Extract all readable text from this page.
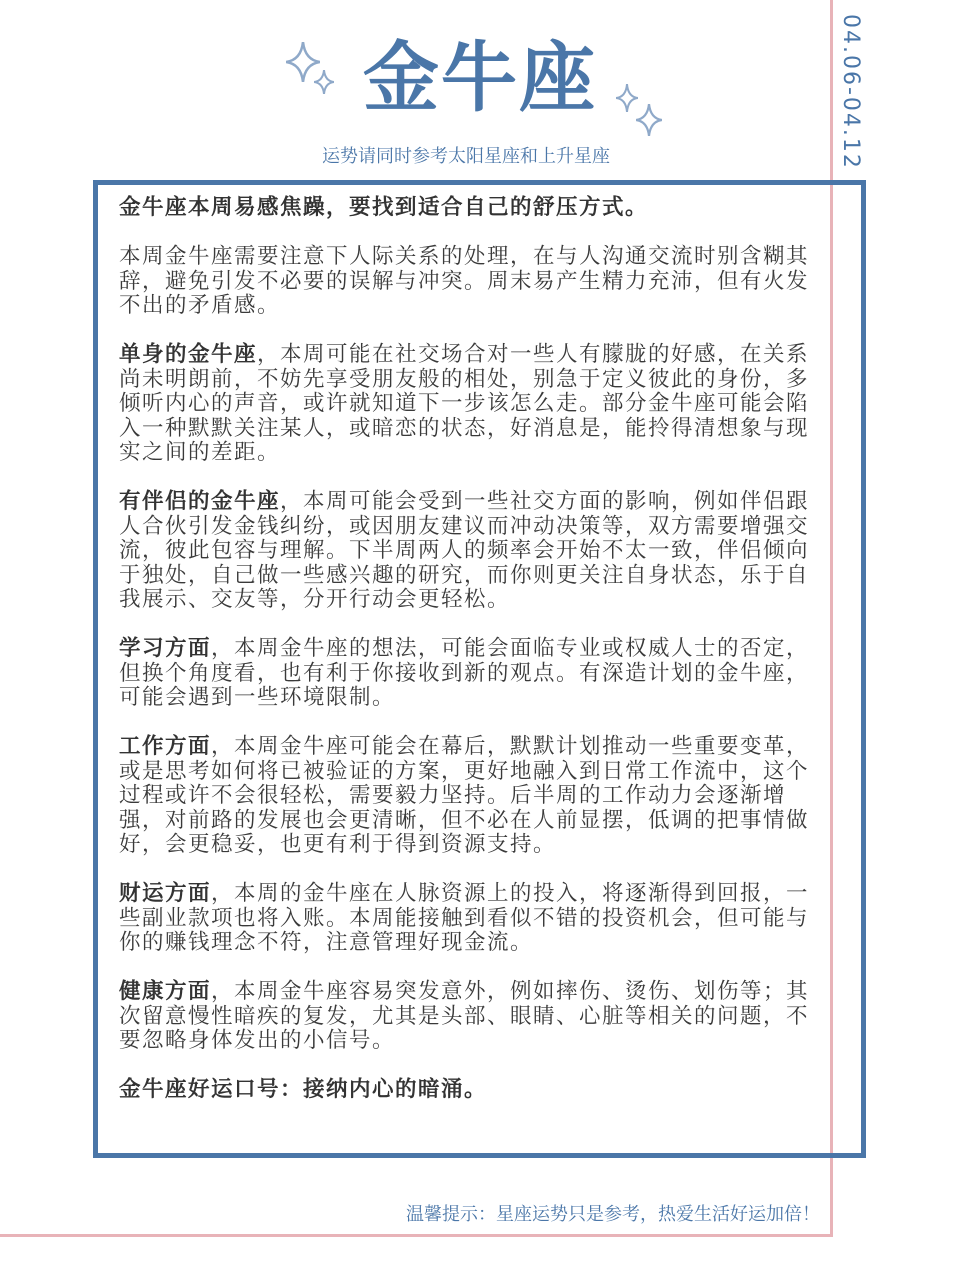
金牛座
运势请同时参考太阳星座和上升星座	04.06-04.12

金牛座本周易感焦躁，要找到适合自己的舒压方式。

本周金牛座需要注意下人际关系的处理，在与人沟通交流时别含糊其辞，避免引发不必要的误解与冲突。周末易产生精力充沛，但有火发不出的矛盾感。

单身的金牛座，本周可能在社交场合对一些人有朦胧的好感，在关系尚未明朗前，不妨先享受朋友般的相处，别急于定义彼此的身份，多倾听内心的声音，或许就知道下一步该怎么走。部分金牛座可能会陷入一种默默关注某人，或暗恋的状态，好消息是，能拎得清想象与现实之间的差距。

有伴侣的金牛座，本周可能会受到一些社交方面的影响，例如伴侣跟人合伙引发金钱纠纷，或因朋友建议而冲动决策等，双方需要增强交流，彼此包容与理解。下半周两人的频率会开始不太一致，伴侣倾向于独处，自己做一些感兴趣的研究，而你则更关注自身状态，乐于自我展示、交友等，分开行动会更轻松。

学习方面，本周金牛座的想法，可能会面临专业或权威人士的否定，但换个角度看，也有利于你接收到新的观点。有深造计划的金牛座，可能会遇到一些环境限制。

工作方面，本周金牛座可能会在幕后，默默计划推动一些重要变革，或是思考如何将已被验证的方案，更好地融入到日常工作流中，这个过程或许不会很轻松，需要毅力坚持。后半周的工作动力会逐渐增强，对前路的发展也会更清晰，但不必在人前显摆，低调的把事情做好，会更稳妥，也更有利于得到资源支持。

财运方面，本周的金牛座在人脉资源上的投入，将逐渐得到回报，一些副业款项也将入账。本周能接触到看似不错的投资机会，但可能与你的赚钱理念不符，注意管理好现金流。

健康方面，本周金牛座容易突发意外，例如摔伤、烫伤、划伤等；其次留意慢性暗疾的复发，尤其是头部、眼睛、心脏等相关的问题，不要忽略身体发出的小信号。

金牛座好运口号：接纳内心的暗涌。

温馨提示：星座运势只是参考，热爱生活好运加倍！
